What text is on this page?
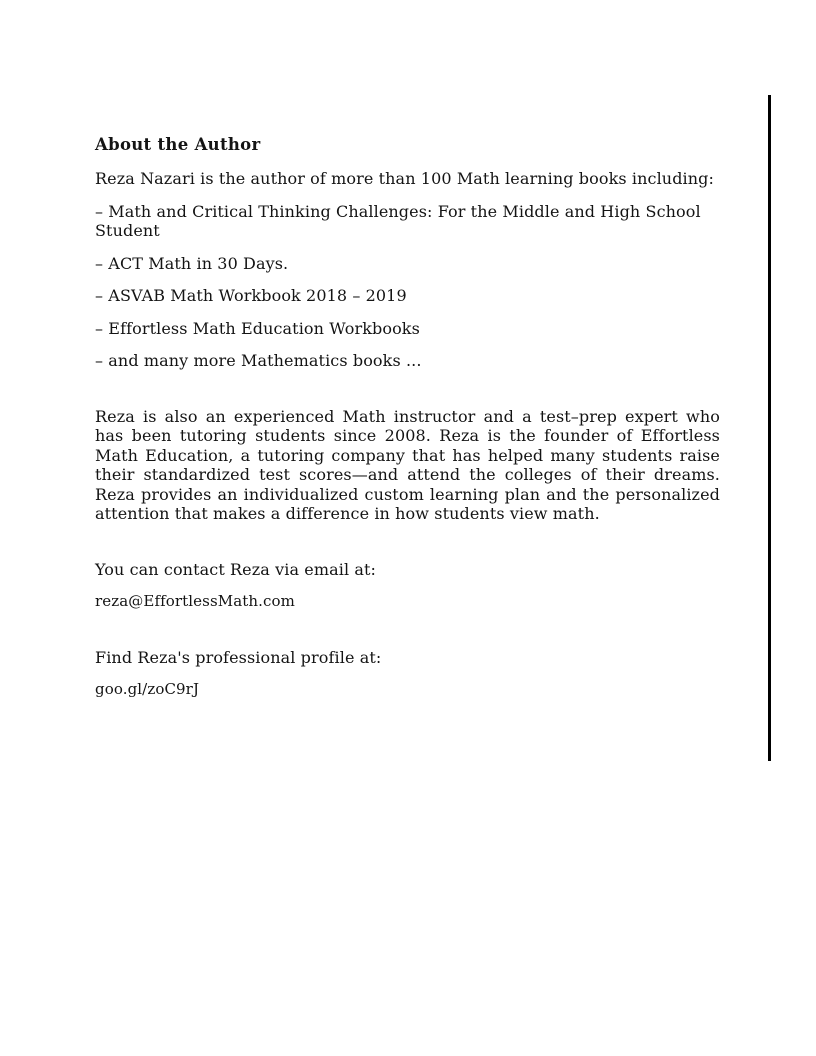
About the Author

Reza Nazari is the author of more than 100 Math learning books including:

– Math and Critical Thinking Challenges: For the Middle and High School Student

– ACT Math in 30 Days.

– ASVAB Math Workbook 2018 – 2019

– Effortless Math Education Workbooks

– and many more Mathematics books ...

Reza is also an experienced Math instructor and a test–prep expert who has been tutoring students since 2008. Reza is the founder of Effortless Math Education, a tutoring company that has helped many students raise their standardized test scores—and attend the colleges of their dreams. Reza provides an individualized custom learning plan and the personalized attention that makes a difference in how students view math.

You can contact Reza via email at:

reza@EffortlessMath.com

Find Reza's professional profile at:

goo.gl/zoC9rJ
